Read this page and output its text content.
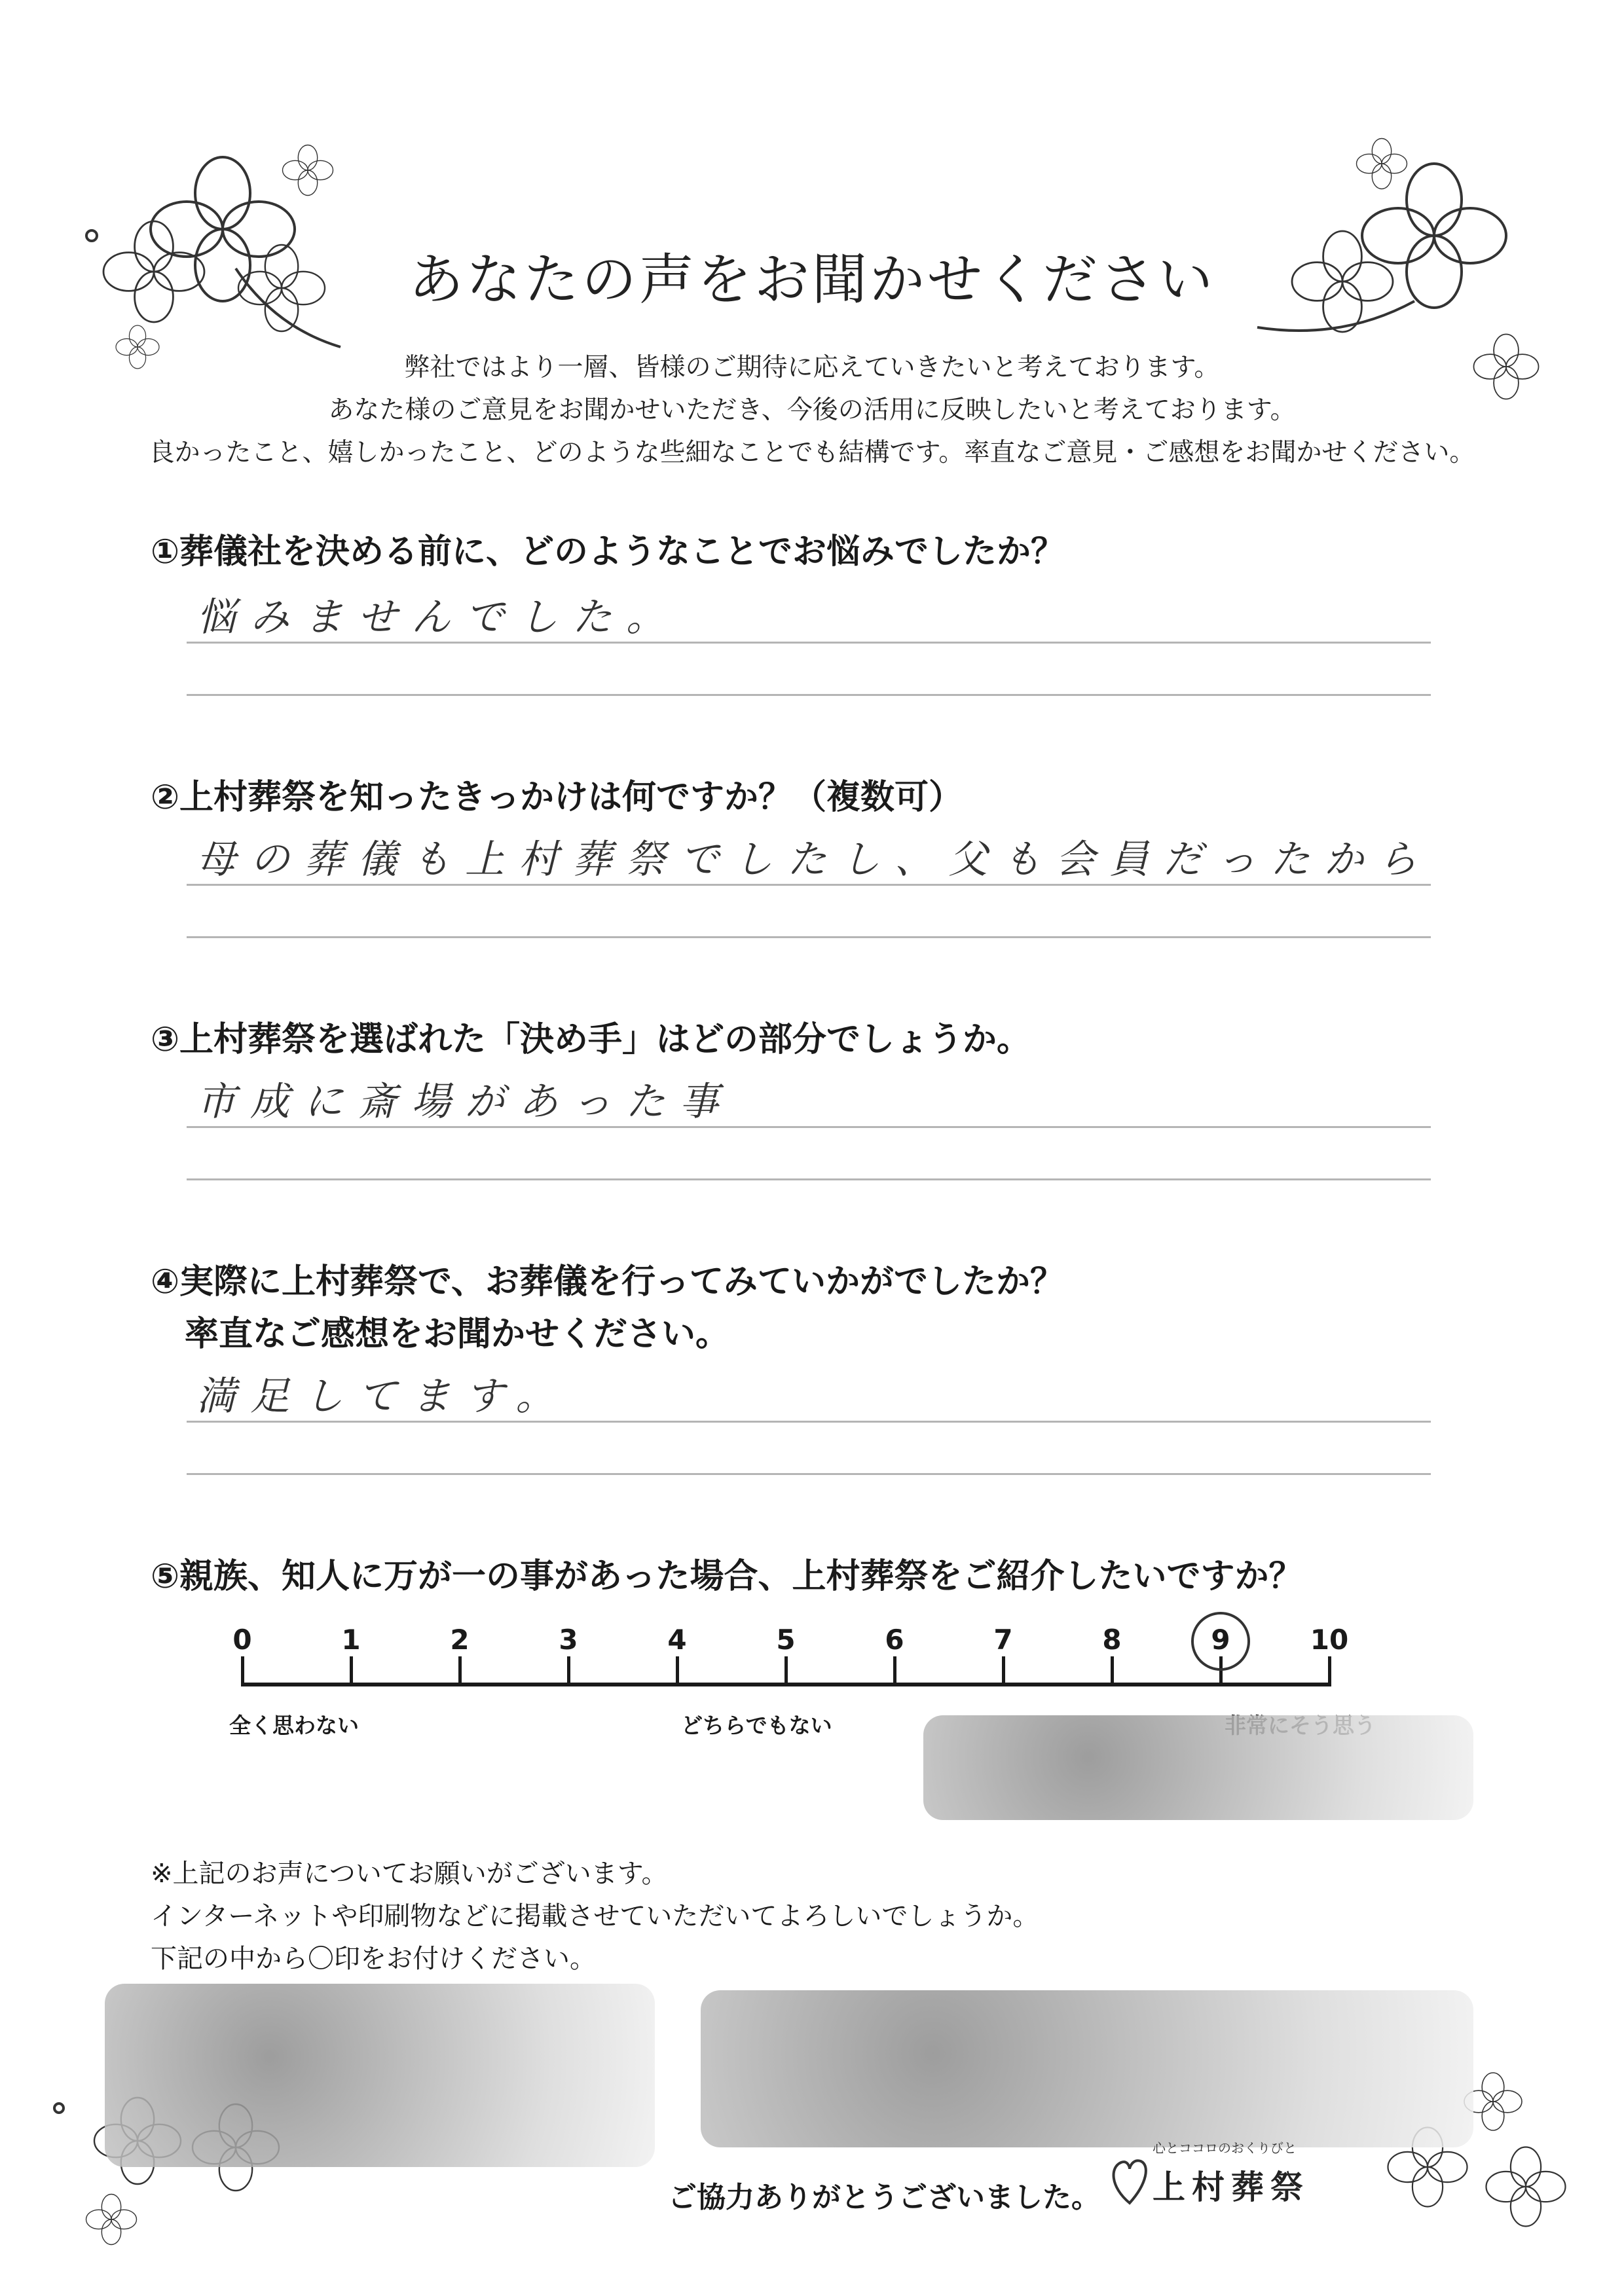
あなたの声をお聞かせください
弊社ではより一層、皆様のご期待に応えていきたいと考えております。
あなた様のご意見をお聞かせいただき、今後の活用に反映したいと考えております。
良かったこと、嬉しかったこと、どのような些細なことでも結構です。率直なご意見・ご感想をお聞かせください。
①葬儀社を決める前に、どのようなことでお悩みでしたか？
悩みませんでした。
②上村葬祭を知ったきっかけは何ですか？（複数可）
母の葬儀も上村葬祭でしたし、父も会員だったから
③上村葬祭を選ばれた「決め手」はどの部分でしょうか。
市成に斎場があった事
④実際に上村葬祭で、お葬儀を行ってみていかがでしたか？
率直なご感想をお聞かせください。
満足してます。
⑤親族、知人に万が一の事があった場合、上村葬祭をご紹介したいですか？
0	1	2	3	4	5	6	7	8	9	10
全く思わない	どちらでもない
※上記のお声についてお願いがございます。
インターネットや印刷物などに掲載させていただいてよろしいでしょうか。
下記の中から〇印をお付けください。
ご協力ありがとうございました。
心とココロのおくりびと
上村葬祭
